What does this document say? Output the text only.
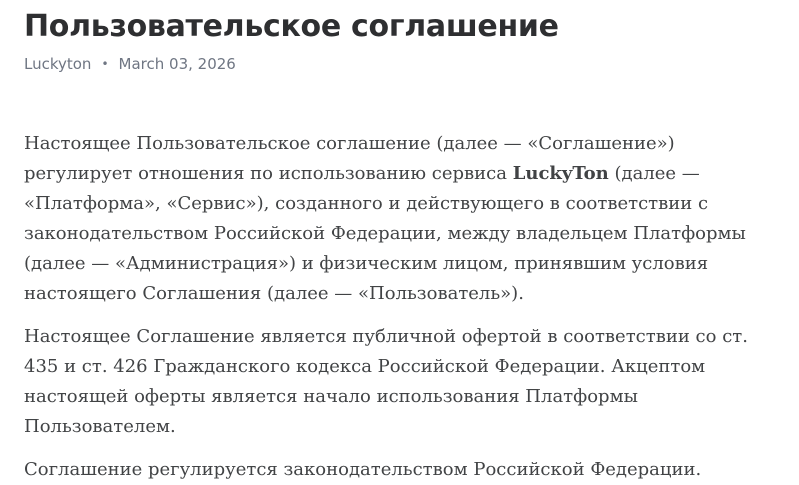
Пользовательское соглашение
Luckyton • March 03, 2026

Настоящее Пользовательское соглашение (далее — «Соглашение») регулирует отношения по использованию сервиса LuckyTon (далее — «Платформа», «Сервис»), созданного и действующего в соответствии с законодательством Российской Федерации, между владельцем Платформы (далее — «Администрация») и физическим лицом, принявшим условия настоящего Соглашения (далее — «Пользователь»).

Настоящее Соглашение является публичной офертой в соответствии со ст. 435 и ст. 426 Гражданского кодекса Российской Федерации. Акцептом настоящей оферты является начало использования Платформы Пользователем.

Соглашение регулируется законодательством Российской Федерации.
